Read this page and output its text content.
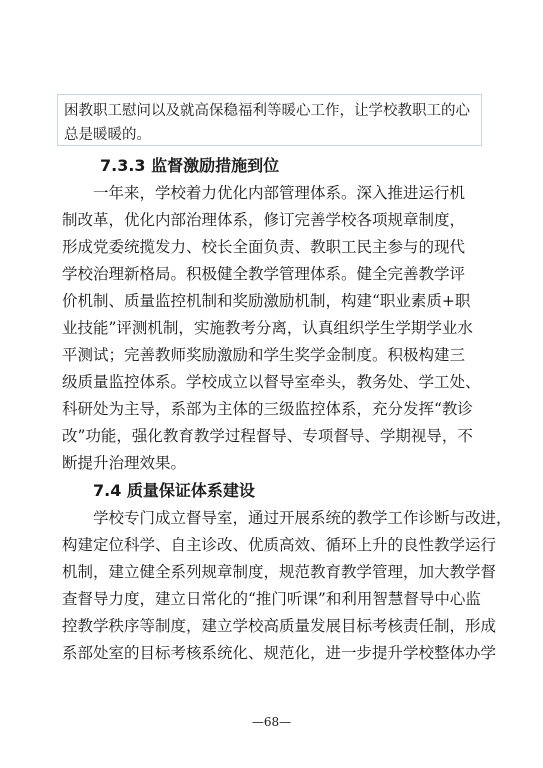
困教职工慰问以及就高保稳福利等暖心工作，让学校教职工的心
总是暖暖的。
7.3.3 监督激励措施到位
一年来，学校着力优化内部管理体系。深入推进运行机
制改革，优化内部治理体系，修订完善学校各项规章制度，
形成党委统揽发力、校长全面负责、教职工民主参与的现代
学校治理新格局。积极健全教学管理体系。健全完善教学评
价机制、质量监控机制和奖励激励机制，构建“职业素质+职
业技能”评测机制，实施教考分离，认真组织学生学期学业水
平测试；完善教师奖励激励和学生奖学金制度。积极构建三
级质量监控体系。学校成立以督导室牵头，教务处、学工处、
科研处为主导，系部为主体的三级监控体系，充分发挥“教诊
改”功能，强化教育教学过程督导、专项督导、学期视导，不
断提升治理效果。
7.4 质量保证体系建设
学校专门成立督导室，通过开展系统的教学工作诊断与改进，
构建定位科学、自主诊改、优质高效、循环上升的良性教学运行
机制，建立健全系列规章制度，规范教育教学管理，加大教学督
查督导力度，建立日常化的“推门听课”和利用智慧督导中心监
控教学秩序等制度，建立学校高质量发展目标考核责任制，形成
系部处室的目标考核系统化、规范化，进一步提升学校整体办学
—68—
